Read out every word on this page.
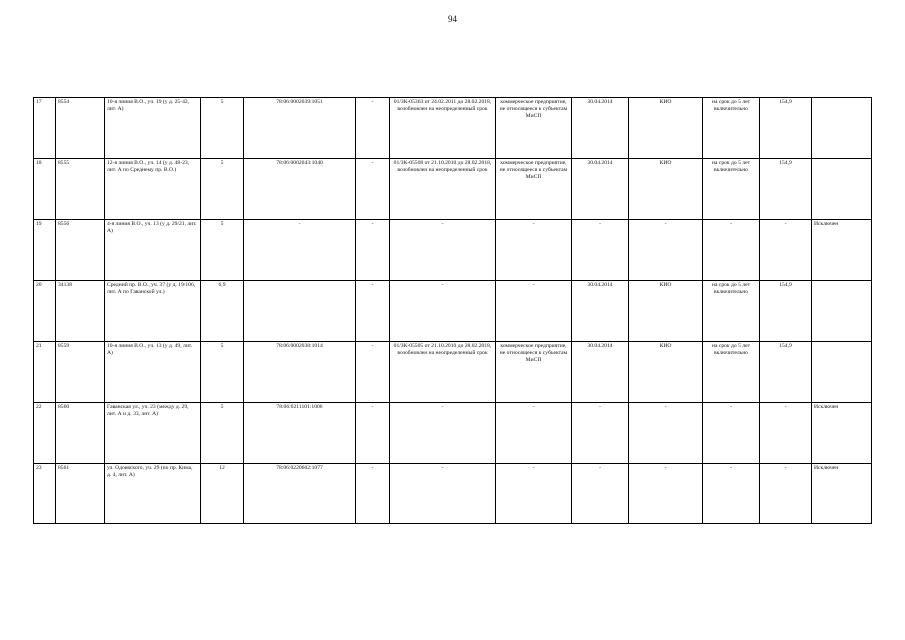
94
17	8554	10-я линия В.О., уч. 19 (у д. 25-42, лит. А)	5	78:06:0002039:1051	-	01/ЗК-05363 от 24.02.2011 до 28.02.2018, возобновлен на неопределенный срок	коммерческое предприятие, не относящееся к субъектам МиСП	30.04.2014	КИО	на срок до 5 лет включительно	154,9	
18	8555	12-я линия В.О., уч. 14 (у д. 48-23, лит. А по Среднему пр. В.О.)	5	78:06:0002043:1040	-	01/ЗК-05508 от 21.10.2010 до 28.02.2018, возобновлен на неопределенный срок	коммерческое предприятие, не относящееся к субъектам МиСП	30.04.2014	КИО	на срок до 5 лет включительно	154,9	
19	8556	4-я линия В.О., уч. 13 (у д. 29/21, лит. А)	5	-	-	-	-	-	-	-	-	Исключен
20	34138	Средний пр. В.О., уч. 37 (у д. 19/106, лит. А по Гаванской ул.)	6,9		-	-	-	30.04.2014	КИО	на срок до 5 лет включительно	154,9	
21	8559	10-я линия В.О., уч. 13 (у д. 49, лит. А)	5	78:06:0002038:1014	-	01/ЗК-05505 от 21.10.2010 до 28.02.2018, возобновлен на неопределенный срок	коммерческое предприятие, не относящееся к субъектам МиСП	30.04.2014	КИО	на срок до 5 лет включительно	154,9	
22	8560	Гаванская ул., уч. 23 (между д. 29, лит. А и д. 33, лит. А)	5	78:06:0211101:1006	-	-	-	-	-	-	-	Исключен
23	8561	ул. Одоевского, уч. 29 (по пр. Кима, д. 4, лит. А)	12	78:06:0220602:1077	-	-	-	-	-	-	-	Исключен
